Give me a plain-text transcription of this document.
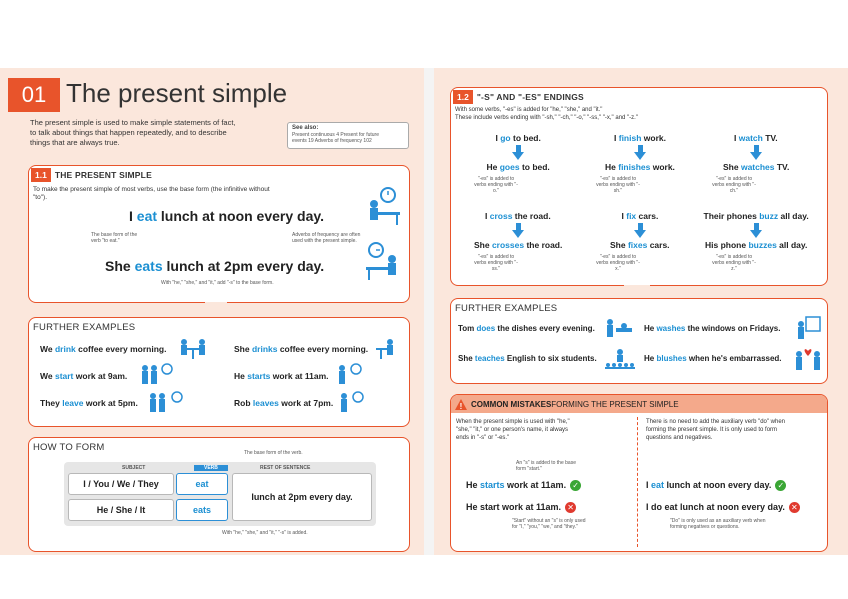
01 The present simple
The present simple is used to make simple statements of fact, to talk about things that happen repeatedly, and to describe things that are always true.
See also:
Present continuous 4 Present for future
events 19 Adverbs of frequency 102
1.1 THE PRESENT SIMPLE
To make the present simple of most verbs, use the base form (the infinitive without "to").
I eat lunch at noon every day.
The base form of the verb "to eat."
Adverbs of frequency are often used with the present simple.
She eats lunch at 2pm every day.
With "he," "she," and "it," add "-s" to the base form.
FURTHER EXAMPLES
We drink coffee every morning.	She drinks coffee every morning.
We start work at 9am.	He starts work at 11am.
They leave work at 5pm.	Rob leaves work at 7pm.
HOW TO FORM	The base form of the verb.
SUBJECT	VERB	REST OF SENTENCE
I / You / We / They	eat
He / She / It	eats
lunch at 2pm every day.
With "he," "she," and "it," "-s" is added.
1.2 "-S" AND "-ES" ENDINGS
With some verbs, "-es" is added for "he," "she," and "it."
These include verbs ending with "-sh," "-ch," "-o," "-ss," "-x," and "-z."
I go to bed.
He goes to bed.
"-es" is added to verbs ending with "-o."
I finish work.
He finishes work.
"-es" is added to verbs ending with "-sh."
I watch TV.
She watches TV.
"-es" is added to verbs ending with "-ch."
I cross the road.
She crosses the road.
"-es" is added to verbs ending with "-ss."
I fix cars.
She fixes cars.
"-es" is added to verbs ending with "-x."
Their phones buzz all day.
His phone buzzes all day.
"-es" is added to verbs ending with "-z."
FURTHER EXAMPLES
Tom does the dishes every evening.	He washes the windows on Fridays.
She teaches English to six students.	He blushes when he's embarrassed.
! COMMON MISTAKES FORMING THE PRESENT SIMPLE
When the present simple is used with "he," "she," "it," or one person's name, it always ends in "-s" or "-es."
An "s" is added to the base form "start."
He starts work at 11am. ✓
He start work at 11am. ✕
"Start" without an "s" is only used for "I," "you," "we," and "they."
There is no need to add the auxiliary verb "do" when forming the present simple. It is only used to form questions and negatives.
I eat lunch at noon every day. ✓
I do eat lunch at noon every day. ✕
"Do" is only used as an auxiliary verb when forming negatives or questions.
